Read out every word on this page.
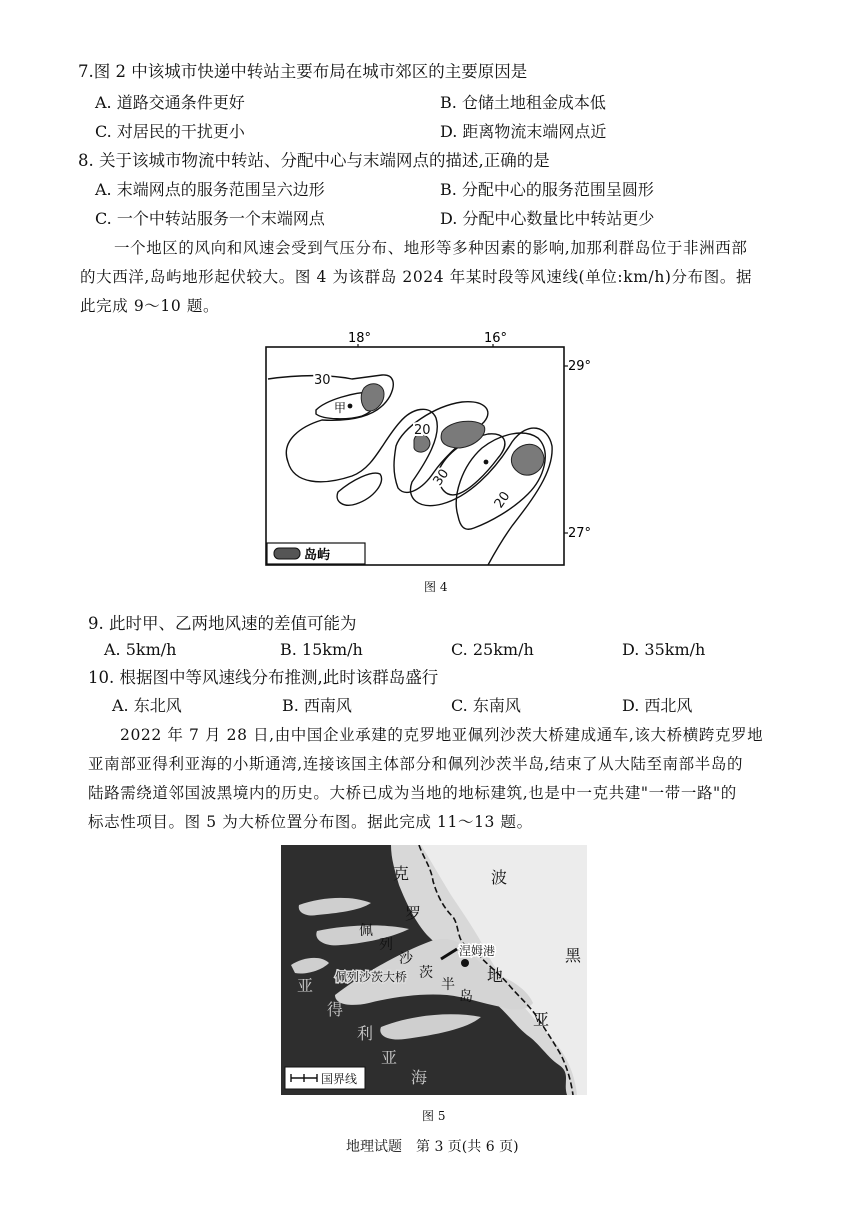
7.图 2 中该城市快递中转站主要布局在城市郊区的主要原因是
A. 道路交通条件更好	B. 仓储土地租金成本低
C. 对居民的干扰更小	D. 距离物流末端网点近
8. 关于该城市物流中转站、分配中心与末端网点的描述,正确的是
A. 末端网点的服务范围呈六边形	B. 分配中心的服务范围呈圆形
C. 一个中转站服务一个末端网点	D. 分配中心数量比中转站更少
一个地区的风向和风速会受到气压分布、地形等多种因素的影响,加那利群岛位于非洲西部
的大西洋,岛屿地形起伏较大。图 4 为该群岛 2024 年某时段等风速线(单位:km/h)分布图。据
此完成 9～10 题。
18°	16°
29°
27°
甲
30
20
30
20
岛屿
图 4
9. 此时甲、乙两地风速的差值可能为
A. 5km/h	B. 15km/h	C. 25km/h	D. 35km/h
10. 根据图中等风速线分布推测,此时该群岛盛行
A. 东北风	B. 西南风	C. 东南风	D. 西北风
2022 年 7 月 28 日,由中国企业承建的克罗地亚佩列沙茨大桥建成通车,该大桥横跨克罗地
亚南部亚得利亚海的小斯通湾,连接该国主体部分和佩列沙茨半岛,结束了从大陆至南部半岛的
陆路需绕道邻国波黑境内的历史。大桥已成为当地的地标建筑,也是中一克共建"一带一路"的
标志性项目。图 5 为大桥位置分布图。据此完成 11～13 题。
克
罗
地
亚
波
黑
佩
列
沙
茨
半
岛
佩列沙茨大桥
涅姆港
亚
得
利
亚
海
国界线
图 5
地理试题　第 3 页(共 6 页)
